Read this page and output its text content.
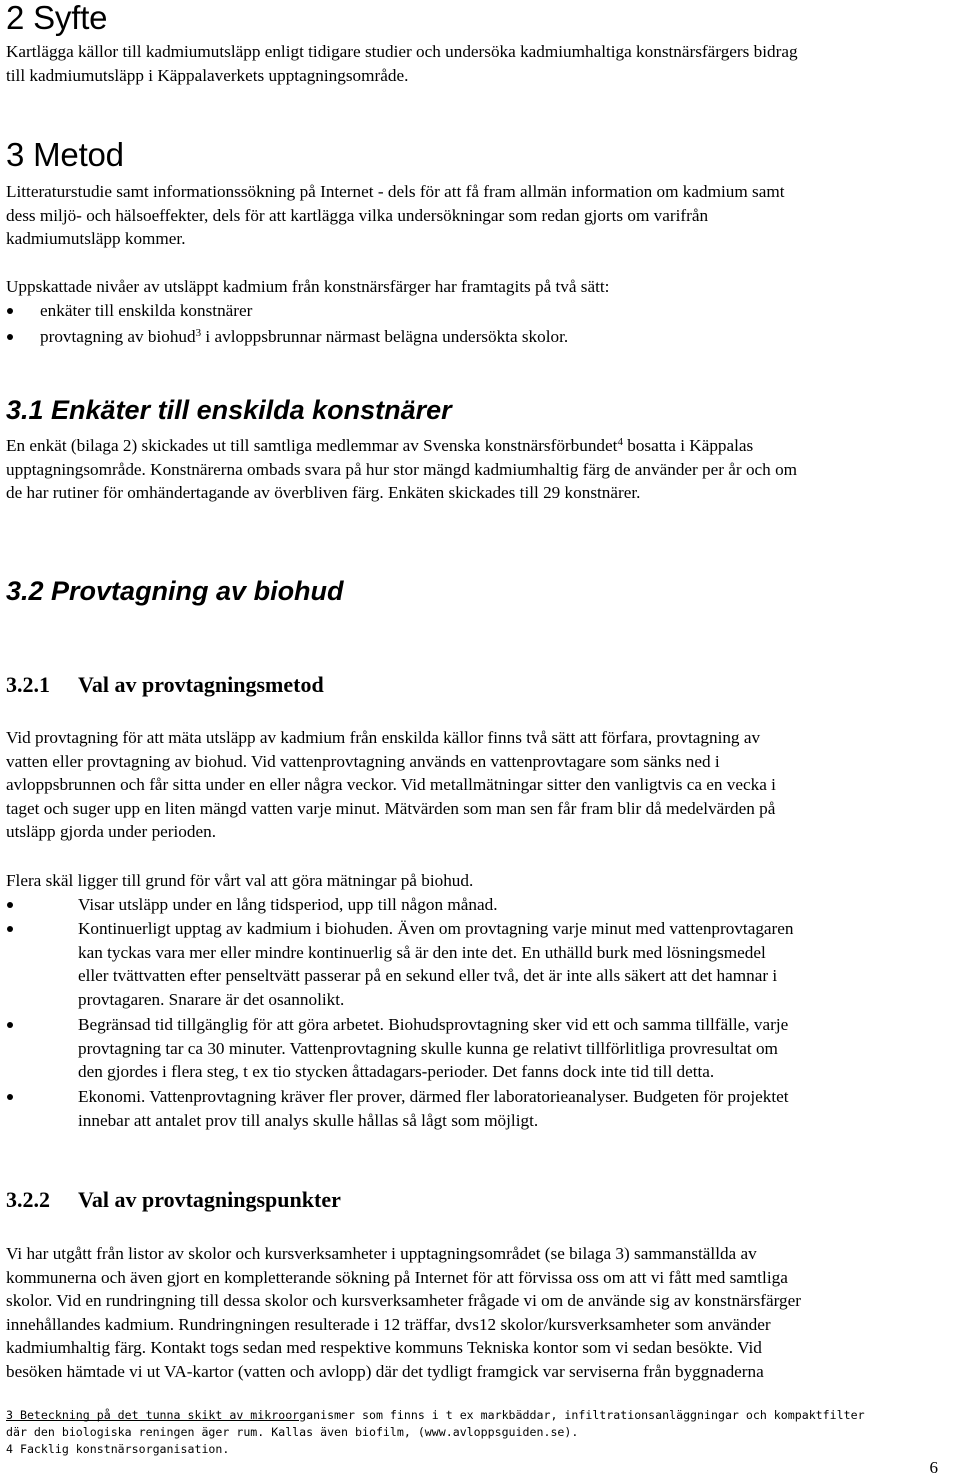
2 Syfte
Kartlägga källor till kadmiumutsläpp enligt tidigare studier och undersöka kadmiumhaltiga konstnärsfärgers bidrag
till kadmiumutsläpp i Käppalaverkets upptagningsområde.
3 Metod
Litteraturstudie samt informationssökning på Internet - dels för att få fram allmän information om kadmium samt
dess miljö- och hälsoeffekter, dels för att kartlägga vilka undersökningar som redan gjorts om varifrån
kadmiumutsläpp kommer.
Uppskattade nivåer av utsläppt kadmium från konstnärsfärger har framtagits på två sätt:
enkäter till enskilda konstnärer
provtagning av biohud$^3$ i avloppsbrunnar närmast belägna undersökta skolor.
3.1 Enkäter till enskilda konstnärer
En enkät (bilaga 2) skickades ut till samtliga medlemmar av Svenska konstnärsförbundet$^4$ bosatta i Käppalas
upptagningsområde. Konstnärerna ombads svara på hur stor mängd kadmiumhaltig färg de använder per år och om
de har rutiner för omhändertagande av överbliven färg. Enkäten skickades till 29 konstnärer.
3.2 Provtagning av biohud
3.2.1 Val av provtagningsmetod
Vid provtagning för att mäta utsläpp av kadmium från enskilda källor finns två sätt att förfara, provtagning av
vatten eller provtagning av biohud. Vid vattenprovtagning används en vattenprovtagare som sänks ned i
avloppsbrunnen och får sitta under en eller några veckor. Vid metallmätningar sitter den vanligtvis ca en vecka i
taget och suger upp en liten mängd vatten varje minut. Mätvärden som man sen får fram blir då medelvärden på
utsläpp gjorda under perioden.
Flera skäl ligger till grund för vårt val att göra mätningar på biohud.
Visar utsläpp under en lång tidsperiod, upp till någon månad.
Kontinuerligt upptag av kadmium i biohuden. Även om provtagning varje minut med vattenprovtagaren
kan tyckas vara mer eller mindre kontinuerlig så är den inte det. En uthälld burk med lösningsmedel
eller tvättvatten efter penseltvätt passerar på en sekund eller två, det är inte alls säkert att det hamnar i
provtagaren. Snarare är det osannolikt.
Begränsad tid tillgänglig för att göra arbetet. Biohudsprovtagning sker vid ett och samma tillfälle, varje
provtagning tar ca 30 minuter. Vattenprovtagning skulle kunna ge relativt tillförlitliga provresultat om
den gjordes i flera steg, t ex tio stycken åttadagars-perioder. Det fanns dock inte tid till detta.
Ekonomi. Vattenprovtagning kräver fler prover, därmed fler laboratorieanalyser. Budgeten för projektet
innebar att antalet prov till analys skulle hållas så lågt som möjligt.
3.2.2 Val av provtagningspunkter
Vi har utgått från listor av skolor och kursverksamheter i upptagningsområdet (se bilaga 3) sammanställda av
kommunerna och även gjort en kompletterande sökning på Internet för att förvissa oss om att vi fått med samtliga
skolor. Vid en rundringning till dessa skolor och kursverksamheter frågade vi om de använde sig av konstnärsfärger
innehållandes kadmium. Rundringningen resulterade i 12 träffar, dvs12 skolor/kursverksamheter som använder
kadmiumhaltig färg. Kontakt togs sedan med respektive kommuns Tekniska kontor som vi sedan besökte. Vid
besöken hämtade vi ut VA-kartor (vatten och avlopp) där det tydligt framgick var serviserna från byggnaderna
3 Beteckning på det tunna skikt av mikroorganismer som finns i t ex markbäddar, infiltrationsanläggningar och kompaktfilter
där den biologiska reningen äger rum. Kallas även biofilm, (www.avloppsguiden.se).
4 Facklig konstnärsorganisation.
6
